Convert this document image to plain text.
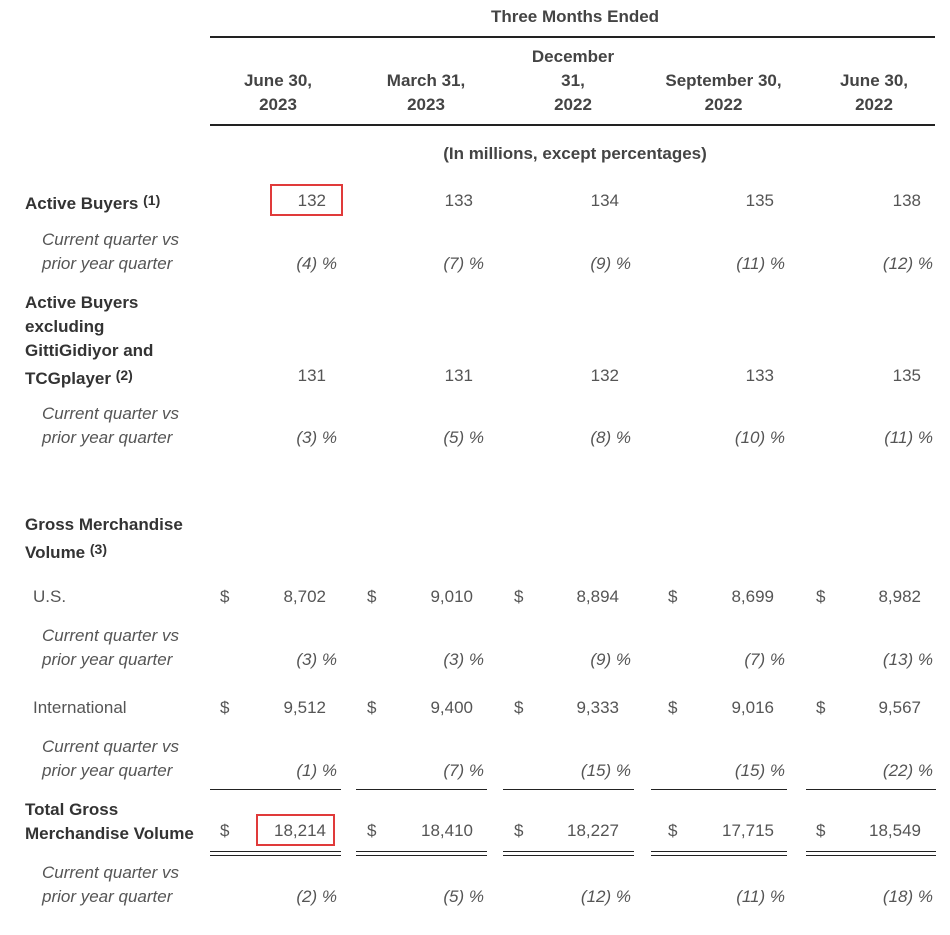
Three Months Ended
June 30,
2023
March 31,
2023
December
31,
2022
September 30,
2022
June 30,
2022
(In millions, except percentages)
Active Buyers $^{(1)}$	132	133	134	135	138
Current quarter vs
prior year quarter	(4) %	(7) %	(9) %	(11) %	(12) %
Active Buyers
excluding
GittiGidiyor and
TCGplayer $^{(2)}$	131	131	132	133	135
Current quarter vs
prior year quarter	(3) %	(5) %	(8) %	(10) %	(11) %
Gross Merchandise
Volume $^{(3)}$
U.S.	$	8,702 $	9,010 $	8,894	$	8,699 $	8,982
Current quarter vs
prior year quarter	(3) %	(3) %	(9) %	(7) %	(13) %
International	$	9,512 $	9,400 $	9,333	$	9,016 $	9,567
Current quarter vs
prior year quarter	(1) %	(7) %	(15) %	(15) %	(22) %
Total Gross
Merchandise Volume $	18,214 $	18,410 $	18,227	$	17,715 $	18,549
Current quarter vs
prior year quarter	(2) %	(5) %	(12) %	(11) %	(18) %
